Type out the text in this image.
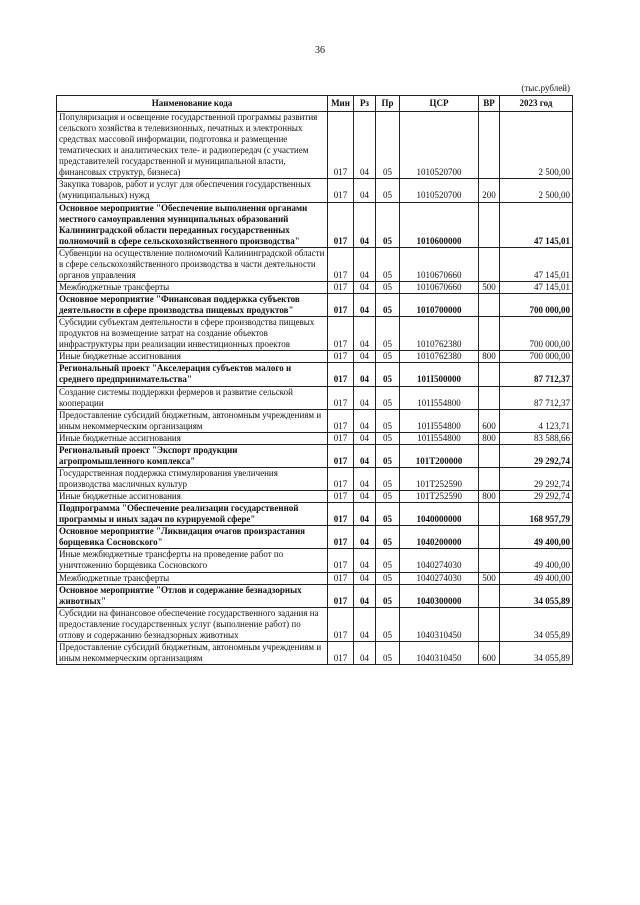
36
(тыс.рублей)
Наименование кода	Мин	Рз	Пр	ЦСР	ВР	2023 год
Популяризация и освещение государственной программы развития сельского хозяйства в телевизионных, печатных и электронных средствах массовой информации, подготовка и размещение тематических и аналитических теле- и радиопередач (с участием представителей государственной и муниципальной власти, финансовых структур, бизнеса)	017	04	05	1010520700		2 500,00
Закупка товаров, работ и услуг для обеспечения государственных (муниципальных) нужд	017	04	05	1010520700	200	2 500,00
Основное мероприятие "Обеспечение выполнения органами местного самоуправления муниципальных образований Калининградской области переданных государственных полномочий в сфере сельскохозяйственного производства"	017	04	05	1010600000		47 145,01
Субвенции на осуществление полномочий Калининградской области в сфере сельскохозяйственного производства в части деятельности органов управления	017	04	05	1010670660		47 145,01
Межбюджетные трансферты	017	04	05	1010670660	500	47 145,01
Основное мероприятие "Финансовая поддержка субъектов деятельности в сфере производства пищевых продуктов"	017	04	05	1010700000		700 000,00
Субсидии субъектам деятельности в сфере производства пищевых продуктов на возмещение затрат на создание объектов инфраструктуры при реализации инвестиционных проектов	017	04	05	1010762380		700 000,00
Иные бюджетные ассигнования	017	04	05	1010762380	800	700 000,00
Региональный проект "Акселерация субъектов малого и среднего предпринимательства"	017	04	05	101I500000		87 712,37
Создание системы поддержки фермеров и развитие сельской кооперации	017	04	05	101I554800		87 712,37
Предоставление субсидий бюджетным, автономным учреждениям и иным некоммерческим организациям	017	04	05	101I554800	600	4 123,71
Иные бюджетные ассигнования	017	04	05	101I554800	800	83 588,66
Региональный проект "Экспорт продукции агропромышленного комплекса"	017	04	05	101T200000		29 292,74
Государственная поддержка стимулирования увеличения производства масличных культур	017	04	05	101T252590		29 292,74
Иные бюджетные ассигнования	017	04	05	101T252590	800	29 292,74
Подпрограмма "Обеспечение реализации государственной программы и иных задач по курируемой сфере"	017	04	05	1040000000		168 957,79
Основное мероприятие "Ликвидация очагов произрастания борщевика Сосновского"	017	04	05	1040200000		49 400,00
Иные межбюджетные трансферты на проведение работ по уничтожению борщевика Сосновского	017	04	05	1040274030		49 400,00
Межбюджетные трансферты	017	04	05	1040274030	500	49 400,00
Основное мероприятие "Отлов и содержание безнадзорных животных"	017	04	05	1040300000		34 055,89
Субсидии на финансовое обеспечение государственного задания на предоставление государственных услуг (выполнение работ) по отлову и содержанию безнадзорных животных	017	04	05	1040310450		34 055,89
Предоставление субсидий бюджетным, автономным учреждениям и иным некоммерческим организациям	017	04	05	1040310450	600	34 055,89
